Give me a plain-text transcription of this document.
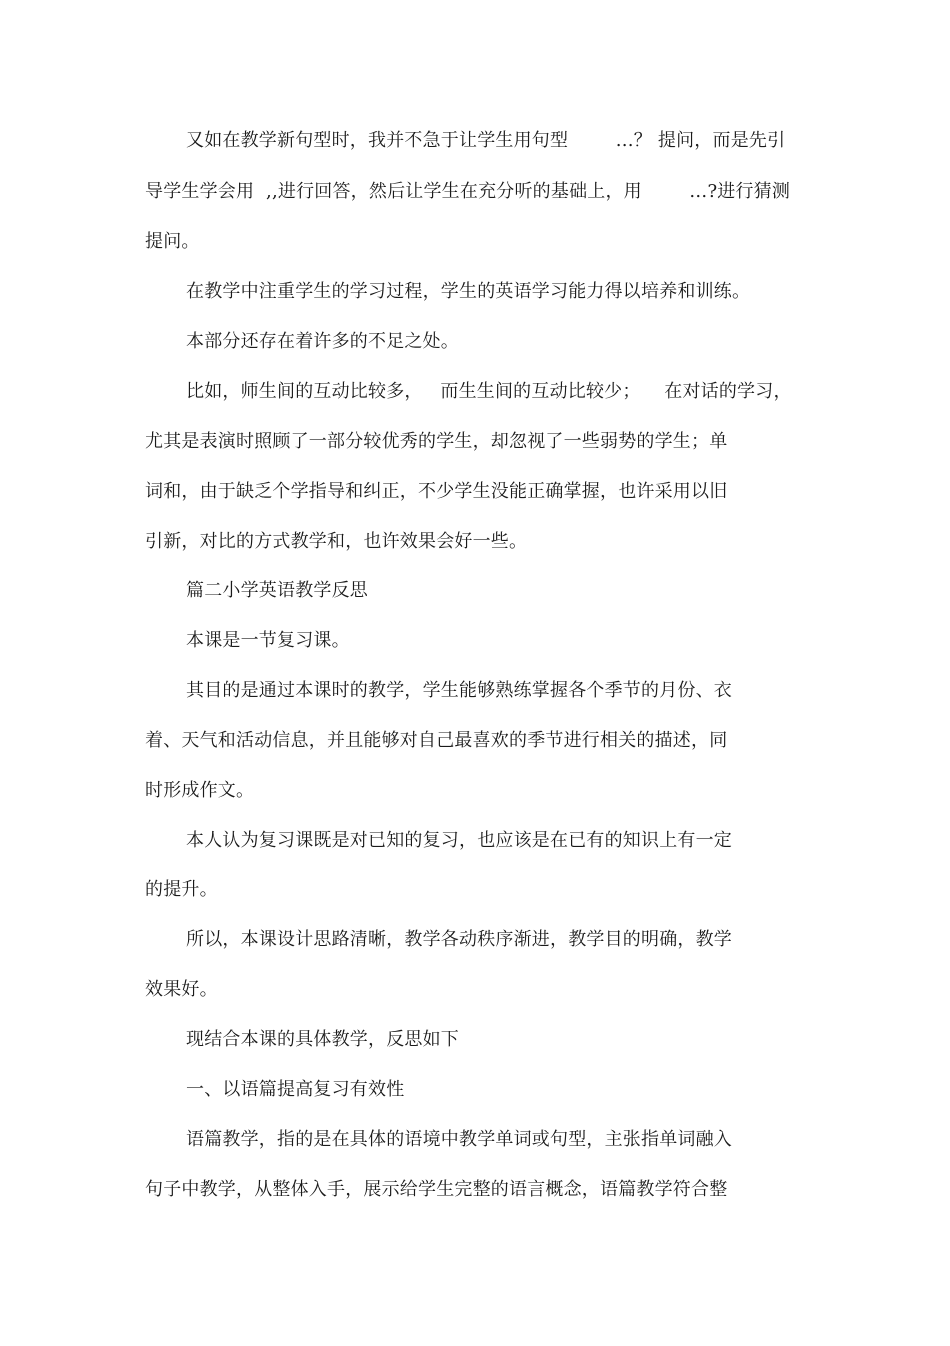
又如在教学新句型时，我并不急于让学生用句型        …？ 提问，而是先引
导学生学会用  ,,进行回答，然后让学生在充分听的基础上，用        …?进行猜测
提问。
在教学中注重学生的学习过程，学生的英语学习能力得以培养和训练。
本部分还存在着许多的不足之处。
比如，师生间的互动比较多，   而生生间的互动比较少；    在对话的学习，
尤其是表演时照顾了一部分较优秀的学生，却忽视了一些弱势的学生；单
词和，由于缺乏个学指导和纠正，不少学生没能正确掌握，也许采用以旧
引新，对比的方式教学和，也许效果会好一些。
篇二小学英语教学反思
本课是一节复习课。
其目的是通过本课时的教学，学生能够熟练掌握各个季节的月份、衣
着、天气和活动信息，并且能够对自己最喜欢的季节进行相关的描述，同
时形成作文。
本人认为复习课既是对已知的复习，也应该是在已有的知识上有一定
的提升。
所以，本课设计思路清晰，教学各动秩序渐进，教学目的明确，教学
效果好。
现结合本课的具体教学，反思如下
一、以语篇提高复习有效性
语篇教学，指的是在具体的语境中教学单词或句型，主张指单词融入
句子中教学，从整体入手，展示给学生完整的语言概念，语篇教学符合整
